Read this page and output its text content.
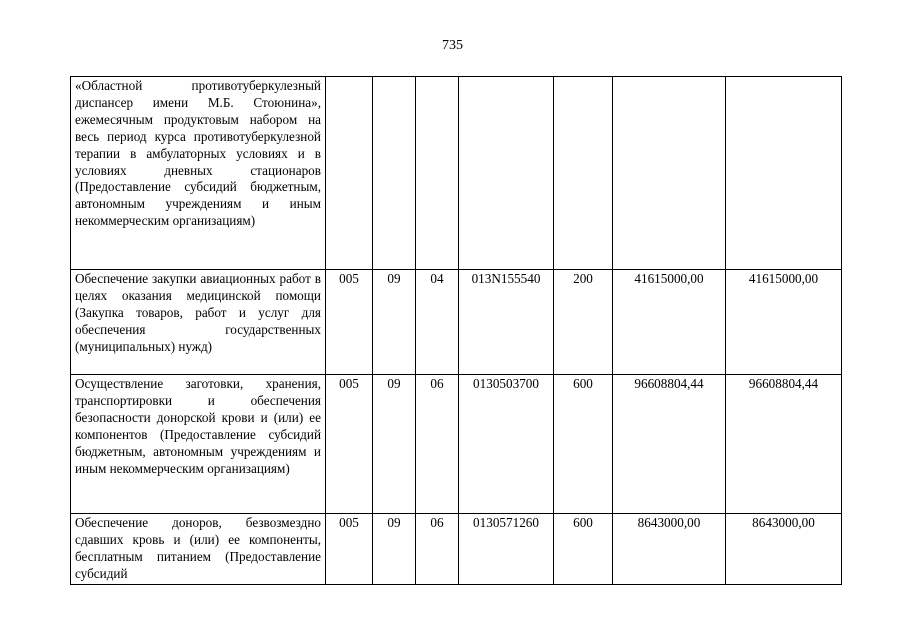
735
«Областной противотуберкулезный диспансер имени М.Б. Стоюнина», ежемесячным продуктовым набором на весь период курса противотуберкулезной терапии в амбулаторных условиях и в условиях дневных стационаров (Предоставление субсидий бюджетным, автономным учреждениям и иным некоммерческим организациям)							
Обеспечение закупки авиационных работ в целях оказания медицинской помощи (Закупка товаров, работ и услуг для обеспечения государственных (муниципальных) нужд)	005	09	04	013N155540	200	41615000,00	41615000,00
Осуществление заготовки, хранения, транспортировки и обеспечения безопасности донорской крови и (или) ее компонентов (Предоставление субсидий бюджетным, автономным учреждениям и иным некоммерческим организациям)	005	09	06	0130503700	600	96608804,44	96608804,44
Обеспечение доноров, безвозмездно сдавших кровь и (или) ее компоненты, бесплатным питанием (Предоставление субсидий	005	09	06	0130571260	600	8643000,00	8643000,00
